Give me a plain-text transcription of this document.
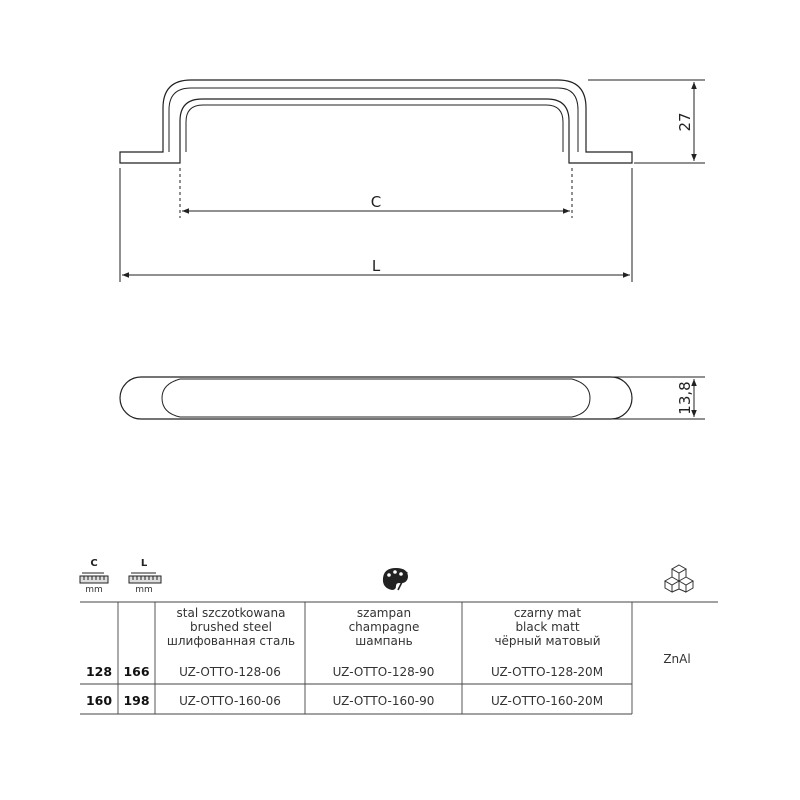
27
C
L
13,8
C
mm
L
mm
stal szczotkowana
brushed steel
шлифованная сталь
szampan
champagne
шампань
czarny mat
black matt
чёрный матовый
128 166	UZ-OTTO-128-06	UZ-OTTO-128-90	UZ-OTTO-128-20M
160 198	UZ-OTTO-160-06	UZ-OTTO-160-90	UZ-OTTO-160-20M
ZnAl
